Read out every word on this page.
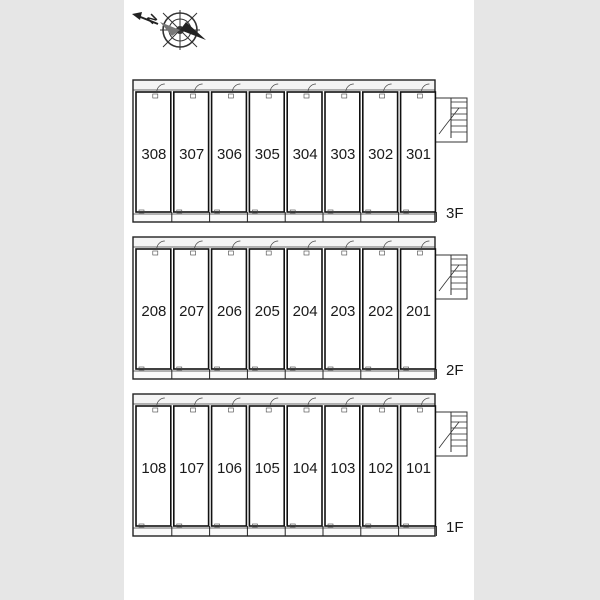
N
308 307 306 305 304 303 302 301
3F
208 207 206 205 204 203 202 201
2F
108 107 106 105 104 103 102 101
1F
